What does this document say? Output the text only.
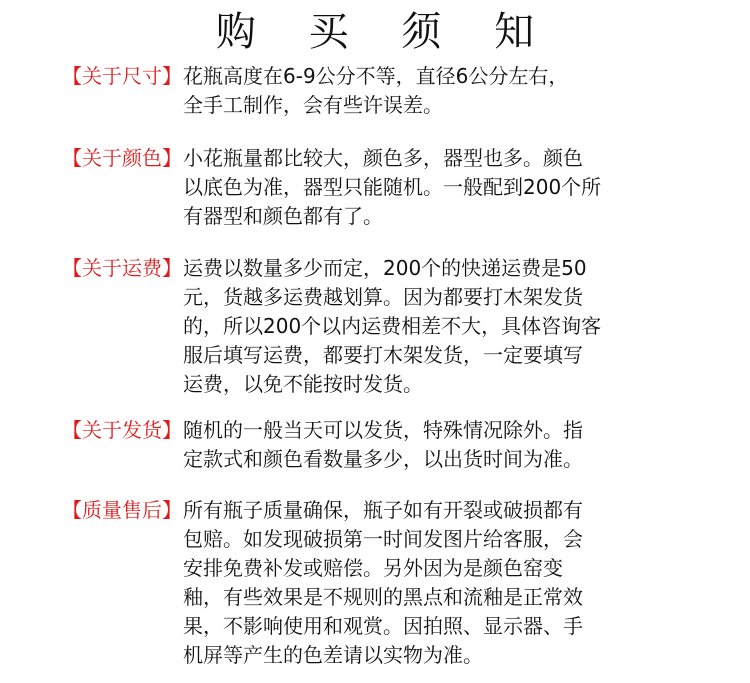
购 买 须 知
【关于尺寸】 花瓶高度在6-9公分不等，直径6公分左右，
全手工制作，会有些许误差。
【关于颜色】 小花瓶量都比较大，颜色多，器型也多。颜色
以底色为准，器型只能随机。一般配到200个所
有器型和颜色都有了。
【关于运费】 运费以数量多少而定，200个的快递运费是50
元，货越多运费越划算。因为都要打木架发货
的，所以200个以内运费相差不大，具体咨询客
服后填写运费，都要打木架发货，一定要填写
运费，以免不能按时发货。
【关于发货】 随机的一般当天可以发货，特殊情况除外。指
定款式和颜色看数量多少，以出货时间为准。
【质量售后】 所有瓶子质量确保，瓶子如有开裂或破损都有
包赔。如发现破损第一时间发图片给客服，会
安排免费补发或赔偿。另外因为是颜色窑变
釉，有些效果是不规则的黑点和流釉是正常效
果，不影响使用和观赏。因拍照、显示器、手
机屏等产生的色差请以实物为准。
